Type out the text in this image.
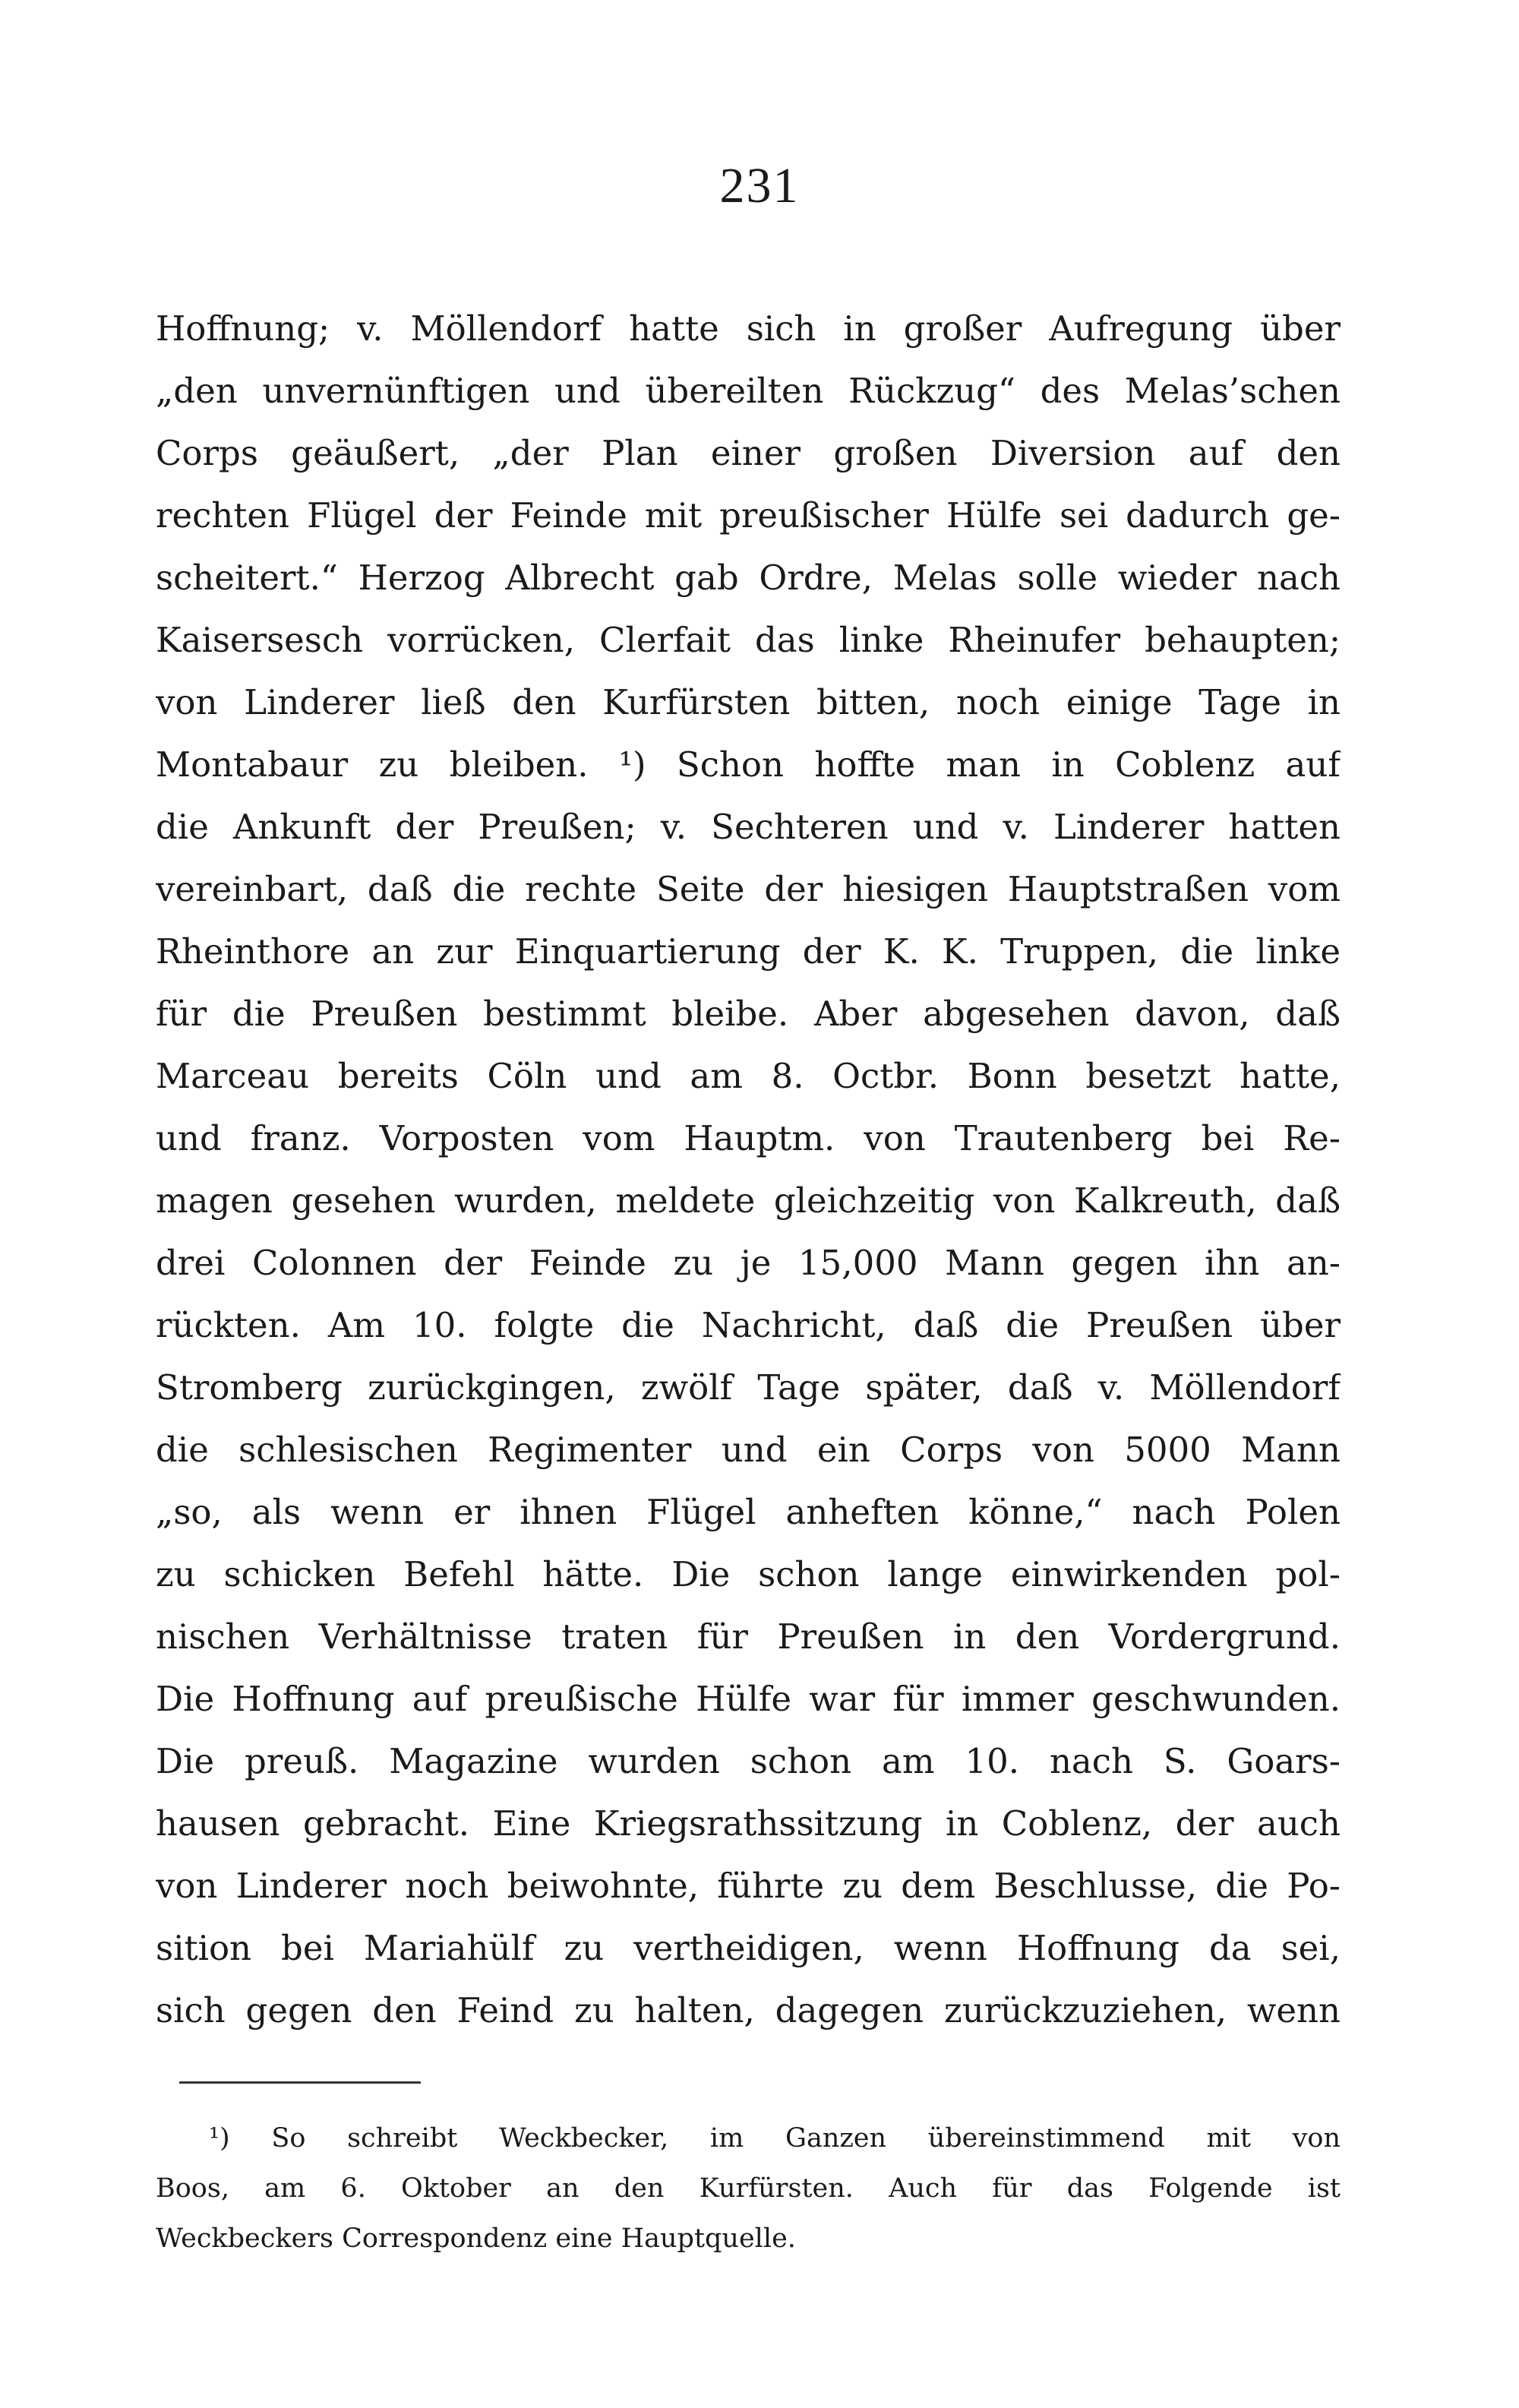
231
Hoffnung; v. Möllendorf hatte sich in großer Aufregung über
„den unvernünftigen und übereilten Rückzug“ des Melas’schen
Corps geäußert, „der Plan einer großen Diversion auf den
rechten Flügel der Feinde mit preußischer Hülfe sei dadurch ge-
scheitert.“ Herzog Albrecht gab Ordre, Melas solle wieder nach
Kaisersesch vorrücken, Clerfait das linke Rheinufer behaupten;
von Linderer ließ den Kurfürsten bitten, noch einige Tage in
Montabaur zu bleiben. ¹) Schon hoffte man in Coblenz auf
die Ankunft der Preußen; v. Sechteren und v. Linderer hatten
vereinbart, daß die rechte Seite der hiesigen Hauptstraßen vom
Rheinthore an zur Einquartierung der K. K. Truppen, die linke
für die Preußen bestimmt bleibe. Aber abgesehen davon, daß
Marceau bereits Cöln und am 8. Octbr. Bonn besetzt hatte,
und franz. Vorposten vom Hauptm. von Trautenberg bei Re-
magen gesehen wurden, meldete gleichzeitig von Kalkreuth, daß
drei Colonnen der Feinde zu je 15,000 Mann gegen ihn an-
rückten. Am 10. folgte die Nachricht, daß die Preußen über
Stromberg zurückgingen, zwölf Tage später, daß v. Möllendorf
die schlesischen Regimenter und ein Corps von 5000 Mann
„so, als wenn er ihnen Flügel anheften könne,“ nach Polen
zu schicken Befehl hätte. Die schon lange einwirkenden pol-
nischen Verhältnisse traten für Preußen in den Vordergrund.
Die Hoffnung auf preußische Hülfe war für immer geschwunden.
Die preuß. Magazine wurden schon am 10. nach S. Goars-
hausen gebracht. Eine Kriegsrathssitzung in Coblenz, der auch
von Linderer noch beiwohnte, führte zu dem Beschlusse, die Po-
sition bei Mariahülf zu vertheidigen, wenn Hoffnung da sei,
sich gegen den Feind zu halten, dagegen zurückzuziehen, wenn
¹) So schreibt Weckbecker, im Ganzen übereinstimmend mit von
Boos, am 6. Oktober an den Kurfürsten. Auch für das Folgende ist
Weckbeckers Correspondenz eine Hauptquelle.
